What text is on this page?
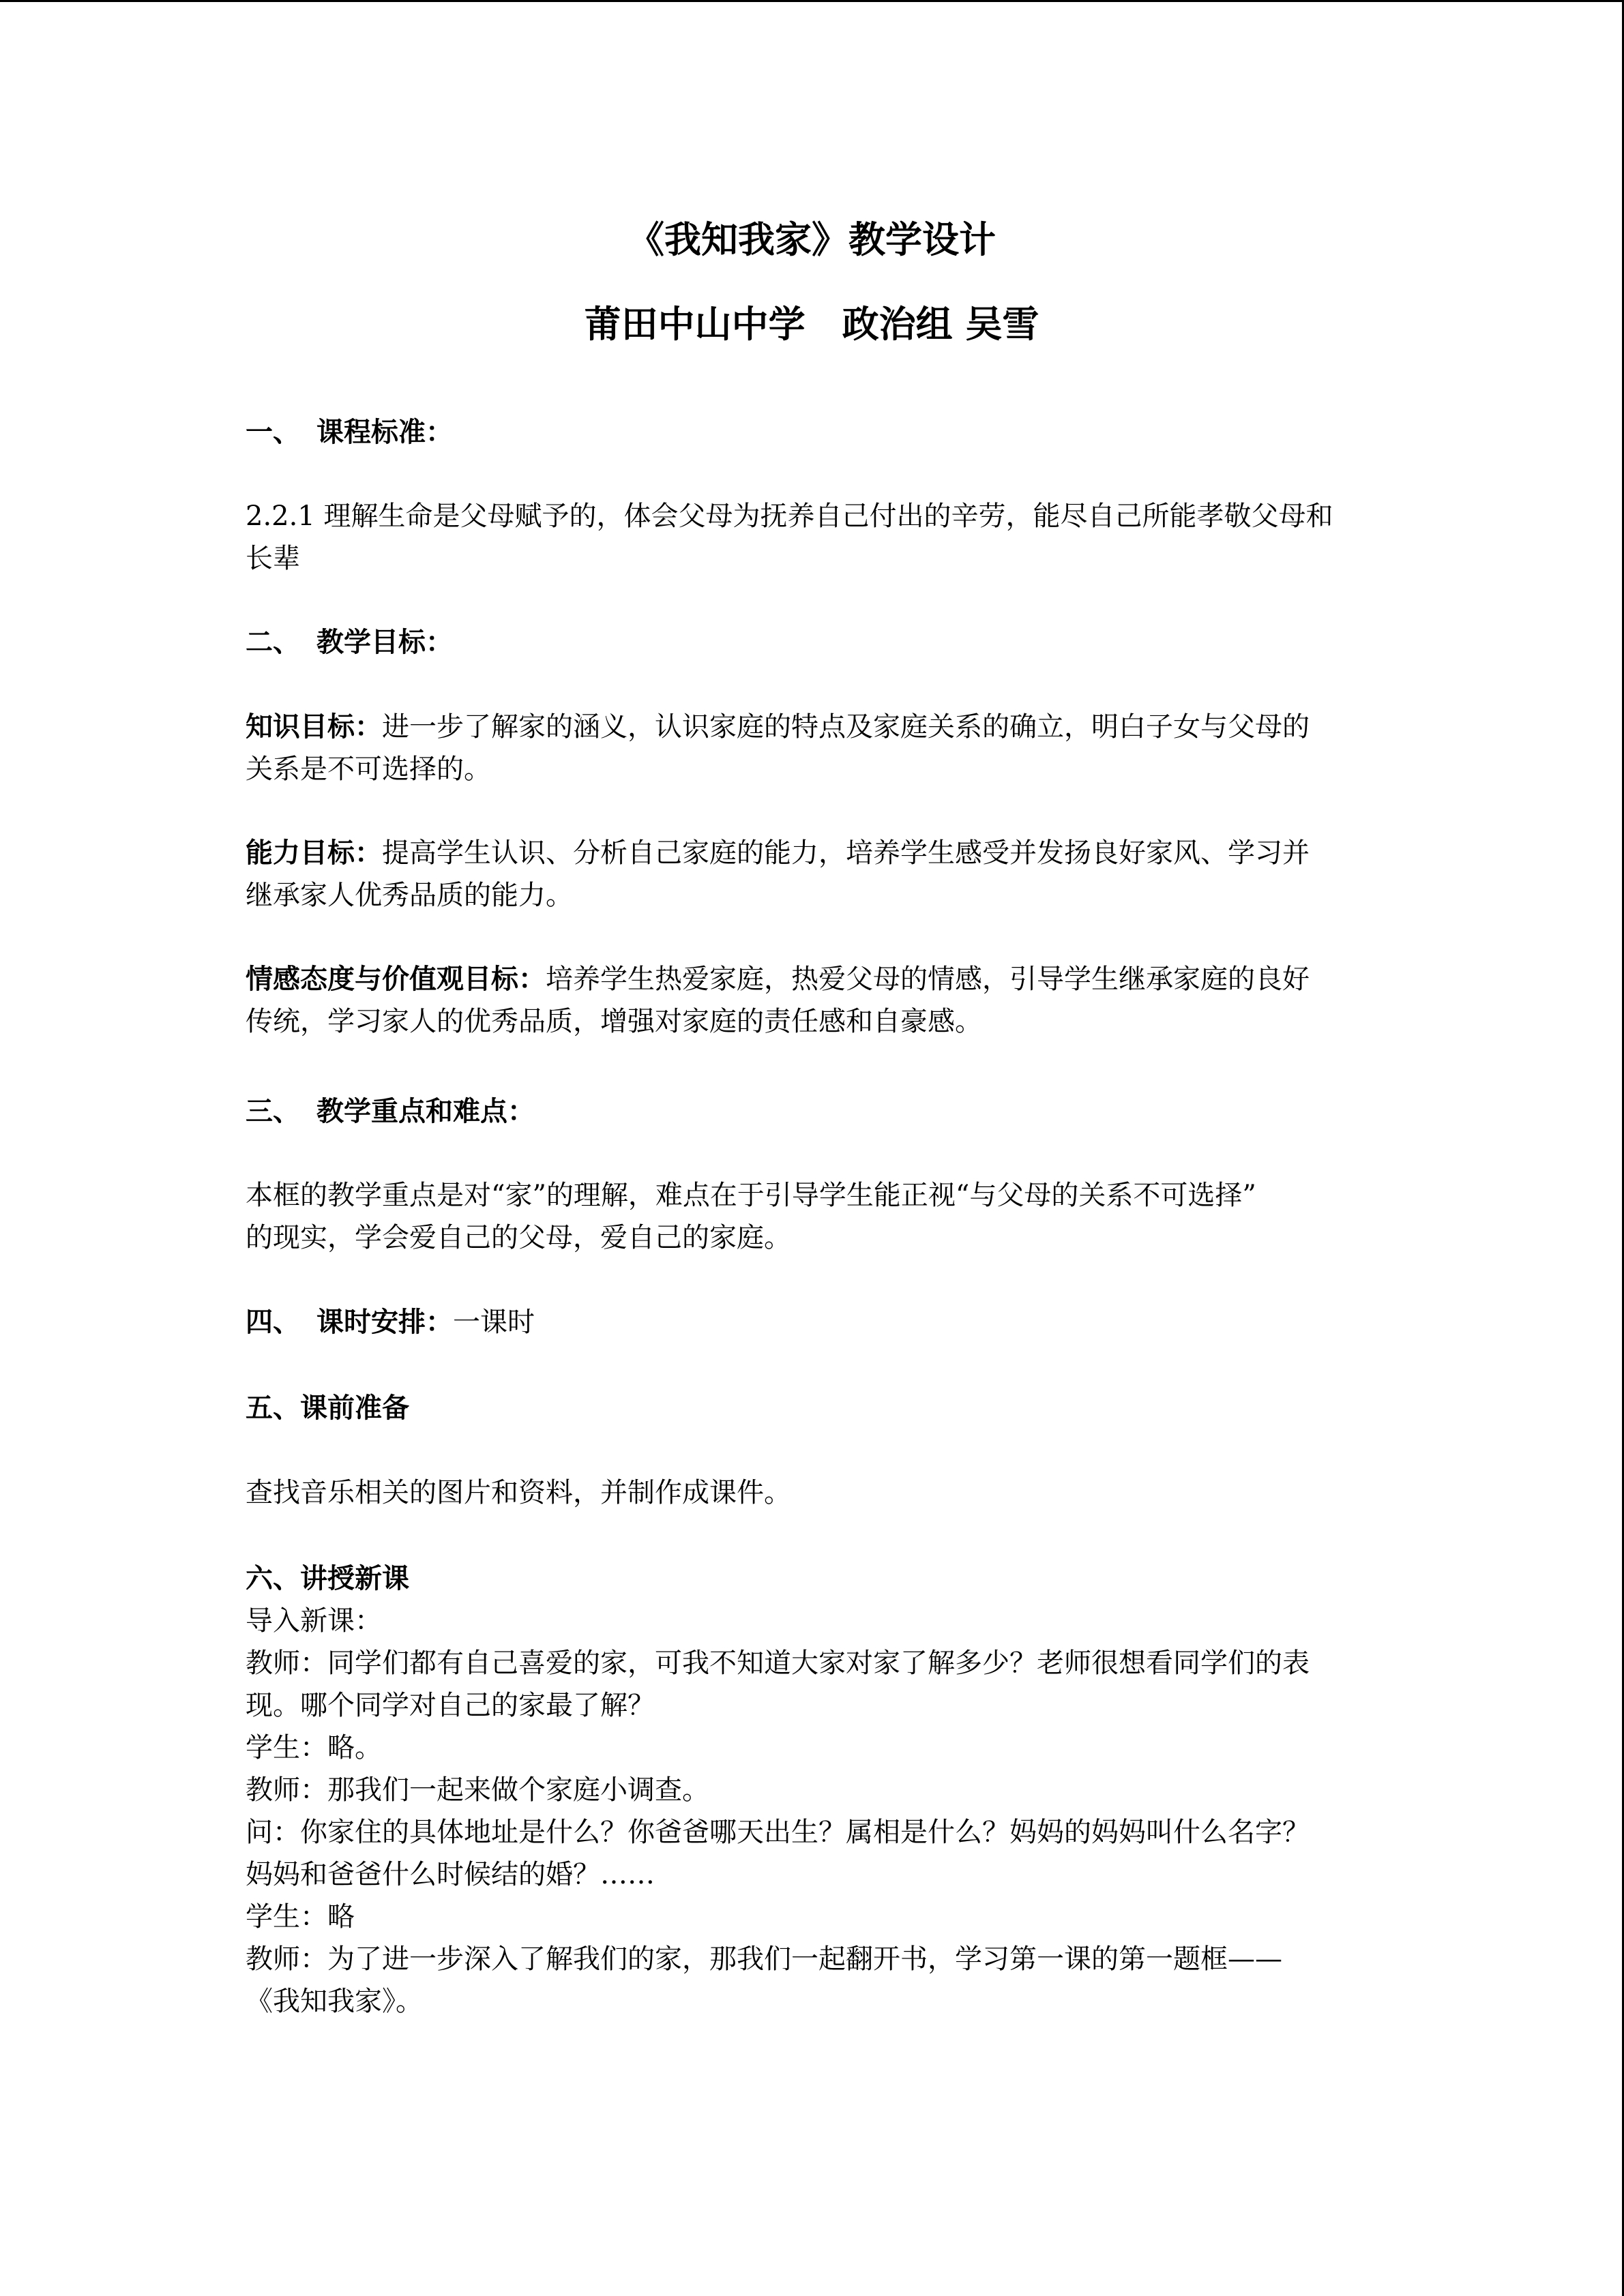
《我知我家》教学设计
莆田中山中学　政治组 吴雪
一、 课程标准：
2.2.1 理解生命是父母赋予的，体会父母为抚养自己付出的辛劳，能尽自己所能孝敬父母和
长辈
二、 教学目标：
知识目标：进一步了解家的涵义，认识家庭的特点及家庭关系的确立，明白子女与父母的
关系是不可选择的。
能力目标：提高学生认识、分析自己家庭的能力，培养学生感受并发扬良好家风、学习并
继承家人优秀品质的能力。
情感态度与价值观目标：培养学生热爱家庭，热爱父母的情感，引导学生继承家庭的良好
传统，学习家人的优秀品质，增强对家庭的责任感和自豪感。
三、 教学重点和难点：
本框的教学重点是对“家”的理解，难点在于引导学生能正视“与父母的关系不可选择”
的现实，学会爱自己的父母，爱自己的家庭。
四、 课时安排：一课时
五、课前准备
查找音乐相关的图片和资料，并制作成课件。
六、讲授新课
导入新课：
教师：同学们都有自己喜爱的家，可我不知道大家对家了解多少？老师很想看同学们的表
现。哪个同学对自己的家最了解？
学生：略。
教师：那我们一起来做个家庭小调查。
问：你家住的具体地址是什么？你爸爸哪天出生？属相是什么？妈妈的妈妈叫什么名字？
妈妈和爸爸什么时候结的婚？……
学生：略
教师：为了进一步深入了解我们的家，那我们一起翻开书，学习第一课的第一题框——
《我知我家》。
